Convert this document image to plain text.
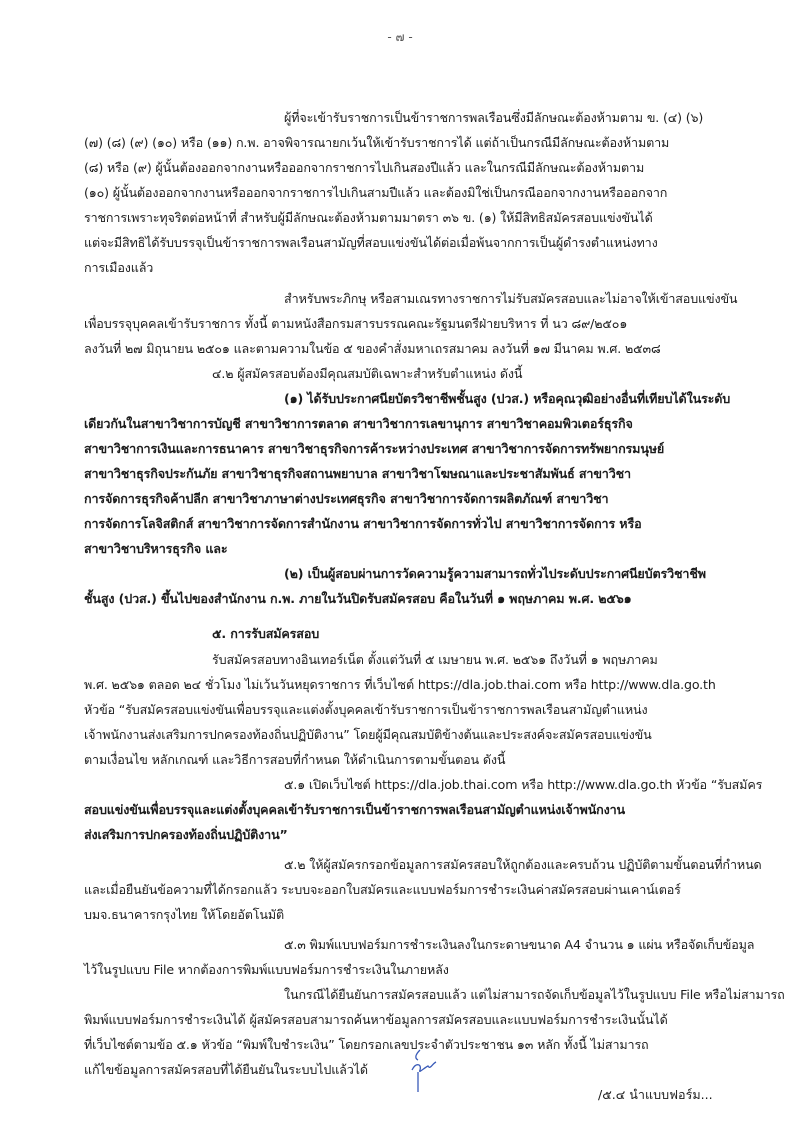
- ๗ -
ผู้ที่จะเข้ารับราชการเป็นข้าราชการพลเรือนซึ่งมีลักษณะต้องห้ามตาม ข. (๔) (๖)
(๗) (๘) (๙) (๑๐) หรือ (๑๑) ก.พ. อาจพิจารณายกเว้นให้เข้ารับราชการได้ แต่ถ้าเป็นกรณีมีลักษณะต้องห้ามตาม
(๘) หรือ (๙) ผู้นั้นต้องออกจากงานหรือออกจากราชการไปเกินสองปีแล้ว และในกรณีมีลักษณะต้องห้ามตาม
(๑๐) ผู้นั้นต้องออกจากงานหรือออกจากราชการไปเกินสามปีแล้ว และต้องมิใช่เป็นกรณีออกจากงานหรือออกจาก
ราชการเพราะทุจริตต่อหน้าที่ สำหรับผู้มีลักษณะต้องห้ามตามมาตรา ๓๖ ข. (๑) ให้มีสิทธิสมัครสอบแข่งขันได้
แต่จะมีสิทธิได้รับบรรจุเป็นข้าราชการพลเรือนสามัญที่สอบแข่งขันได้ต่อเมื่อพ้นจากการเป็นผู้ดำรงตำแหน่งทาง
การเมืองแล้ว
สำหรับพระภิกษุ หรือสามเณรทางราชการไม่รับสมัครสอบและไม่อาจให้เข้าสอบแข่งขัน
เพื่อบรรจุบุคคลเข้ารับราชการ ทั้งนี้ ตามหนังสือกรมสารบรรณคณะรัฐมนตรีฝ่ายบริหาร ที่ นว ๘๙/๒๕๐๑
ลงวันที่ ๒๗ มิถุนายน ๒๕๐๑ และตามความในข้อ ๕ ของคำสั่งมหาเถรสมาคม ลงวันที่ ๑๗ มีนาคม พ.ศ. ๒๕๓๘
๔.๒ ผู้สมัครสอบต้องมีคุณสมบัติเฉพาะสำหรับตำแหน่ง ดังนี้
(๑) ได้รับประกาศนียบัตรวิชาชีพชั้นสูง (ปวส.) หรือคุณวุฒิอย่างอื่นที่เทียบได้ในระดับ
เดียวกันในสาขาวิชาการบัญชี สาขาวิชาการตลาด สาขาวิชาการเลขานุการ สาขาวิชาคอมพิวเตอร์ธุรกิจ
สาขาวิชาการเงินและการธนาคาร สาขาวิชาธุรกิจการค้าระหว่างประเทศ สาขาวิชาการจัดการทรัพยากรมนุษย์
สาขาวิชาธุรกิจประกันภัย สาขาวิชาธุรกิจสถานพยาบาล สาขาวิชาโฆษณาและประชาสัมพันธ์ สาขาวิชา
การจัดการธุรกิจค้าปลีก สาขาวิชาภาษาต่างประเทศธุรกิจ สาขาวิชาการจัดการผลิตภัณฑ์ สาขาวิชา
การจัดการโลจิสติกส์ สาขาวิชาการจัดการสำนักงาน สาขาวิชาการจัดการทั่วไป สาขาวิชาการจัดการ หรือ
สาขาวิชาบริหารธุรกิจ และ
(๒) เป็นผู้สอบผ่านการวัดความรู้ความสามารถทั่วไประดับประกาศนียบัตรวิชาชีพ
ชั้นสูง (ปวส.) ขึ้นไปของสำนักงาน ก.พ. ภายในวันปิดรับสมัครสอบ คือในวันที่ ๑ พฤษภาคม พ.ศ. ๒๕๖๑
๕. การรับสมัครสอบ
รับสมัครสอบทางอินเทอร์เน็ต ตั้งแต่วันที่ ๕ เมษายน พ.ศ. ๒๕๖๑ ถึงวันที่ ๑ พฤษภาคม
พ.ศ. ๒๕๖๑ ตลอด ๒๔ ชั่วโมง ไม่เว้นวันหยุดราชการ ที่เว็บไซต์ https://dla.job.thai.com หรือ http://www.dla.go.th
หัวข้อ “รับสมัครสอบแข่งขันเพื่อบรรจุและแต่งตั้งบุคคลเข้ารับราชการเป็นข้าราชการพลเรือนสามัญตำแหน่ง
เจ้าพนักงานส่งเสริมการปกครองท้องถิ่นปฏิบัติงาน” โดยผู้มีคุณสมบัติข้างต้นและประสงค์จะสมัครสอบแข่งขัน
ตามเงื่อนไข หลักเกณฑ์ และวิธีการสอบที่กำหนด ให้ดำเนินการตามขั้นตอน ดังนี้
๕.๑ เปิดเว็บไซต์ https://dla.job.thai.com หรือ http://www.dla.go.th หัวข้อ “รับสมัคร
สอบแข่งขันเพื่อบรรจุและแต่งตั้งบุคคลเข้ารับราชการเป็นข้าราชการพลเรือนสามัญตำแหน่งเจ้าพนักงาน
ส่งเสริมการปกครองท้องถิ่นปฏิบัติงาน”
๕.๒ ให้ผู้สมัครกรอกข้อมูลการสมัครสอบให้ถูกต้องและครบถ้วน ปฏิบัติตามขั้นตอนที่กำหนด
และเมื่อยืนยันข้อความที่ได้กรอกแล้ว ระบบจะออกใบสมัครและแบบฟอร์มการชำระเงินค่าสมัครสอบผ่านเคาน์เตอร์
บมจ.ธนาคารกรุงไทย ให้โดยอัตโนมัติ
๕.๓ พิมพ์แบบฟอร์มการชำระเงินลงในกระดาษขนาด A4 จำนวน ๑ แผ่น หรือจัดเก็บข้อมูล
ไว้ในรูปแบบ File หากต้องการพิมพ์แบบฟอร์มการชำระเงินในภายหลัง
ในกรณีได้ยืนยันการสมัครสอบแล้ว แต่ไม่สามารถจัดเก็บข้อมูลไว้ในรูปแบบ File หรือไม่สามารถ
พิมพ์แบบฟอร์มการชำระเงินได้ ผู้สมัครสอบสามารถค้นหาข้อมูลการสมัครสอบและแบบฟอร์มการชำระเงินนั้นได้
ที่เว็บไซต์ตามข้อ ๕.๑ หัวข้อ “พิมพ์ใบชำระเงิน” โดยกรอกเลขประจำตัวประชาชน ๑๓ หลัก ทั้งนี้ ไม่สามารถ
แก้ไขข้อมูลการสมัครสอบที่ได้ยืนยันในระบบไปแล้วได้
/๕.๔ นำแบบฟอร์ม...
